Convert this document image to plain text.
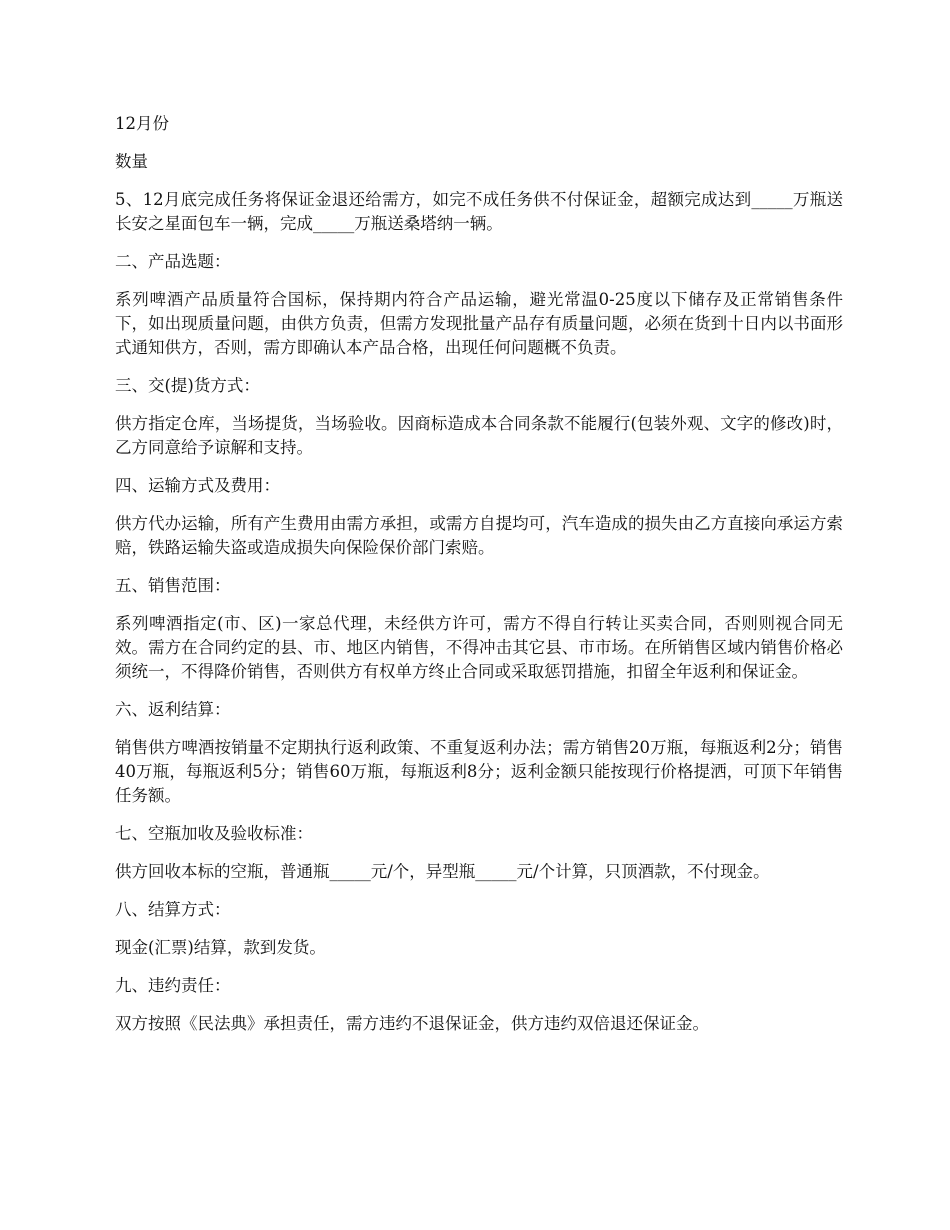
12月份

数量

5、12月底完成任务将保证金退还给需方，如完不成任务供不付保证金，超额完成达到_____万瓶送长安之星面包车一辆，完成_____万瓶送桑塔纳一辆。

二、产品选题：

系列啤酒产品质量符合国标，保持期内符合产品运输，避光常温0-25度以下储存及正常销售条件下，如出现质量问题，由供方负责，但需方发现批量产品存有质量问题，必须在货到十日内以书面形式通知供方，否则，需方即确认本产品合格，出现任何问题概不负责。

三、交(提)货方式：

供方指定仓库，当场提货，当场验收。因商标造成本合同条款不能履行(包装外观、文字的修改)时，乙方同意给予谅解和支持。

四、运输方式及费用：

供方代办运输，所有产生费用由需方承担，或需方自提均可，汽车造成的损失由乙方直接向承运方索赔，铁路运输失盗或造成损失向保险保价部门索赔。

五、销售范围：

系列啤酒指定(市、区)一家总代理，未经供方许可，需方不得自行转让买卖合同，否则则视合同无效。需方在合同约定的县、市、地区内销售，不得冲击其它县、市市场。在所销售区域内销售价格必须统一，不得降价销售，否则供方有权单方终止合同或采取惩罚措施，扣留全年返利和保证金。

六、返利结算：

销售供方啤酒按销量不定期执行返利政策、不重复返利办法；需方销售20万瓶，每瓶返利2分；销售40万瓶，每瓶返利5分；销售60万瓶，每瓶返利8分；返利金额只能按现行价格提洒，可顶下年销售任务额。

七、空瓶加收及验收标准：

供方回收本标的空瓶，普通瓶_____元/个，异型瓶_____元/个计算，只顶酒款，不付现金。

八、结算方式：

现金(汇票)结算，款到发货。

九、违约责任：

双方按照《民法典》承担责任，需方违约不退保证金，供方违约双倍退还保证金。
